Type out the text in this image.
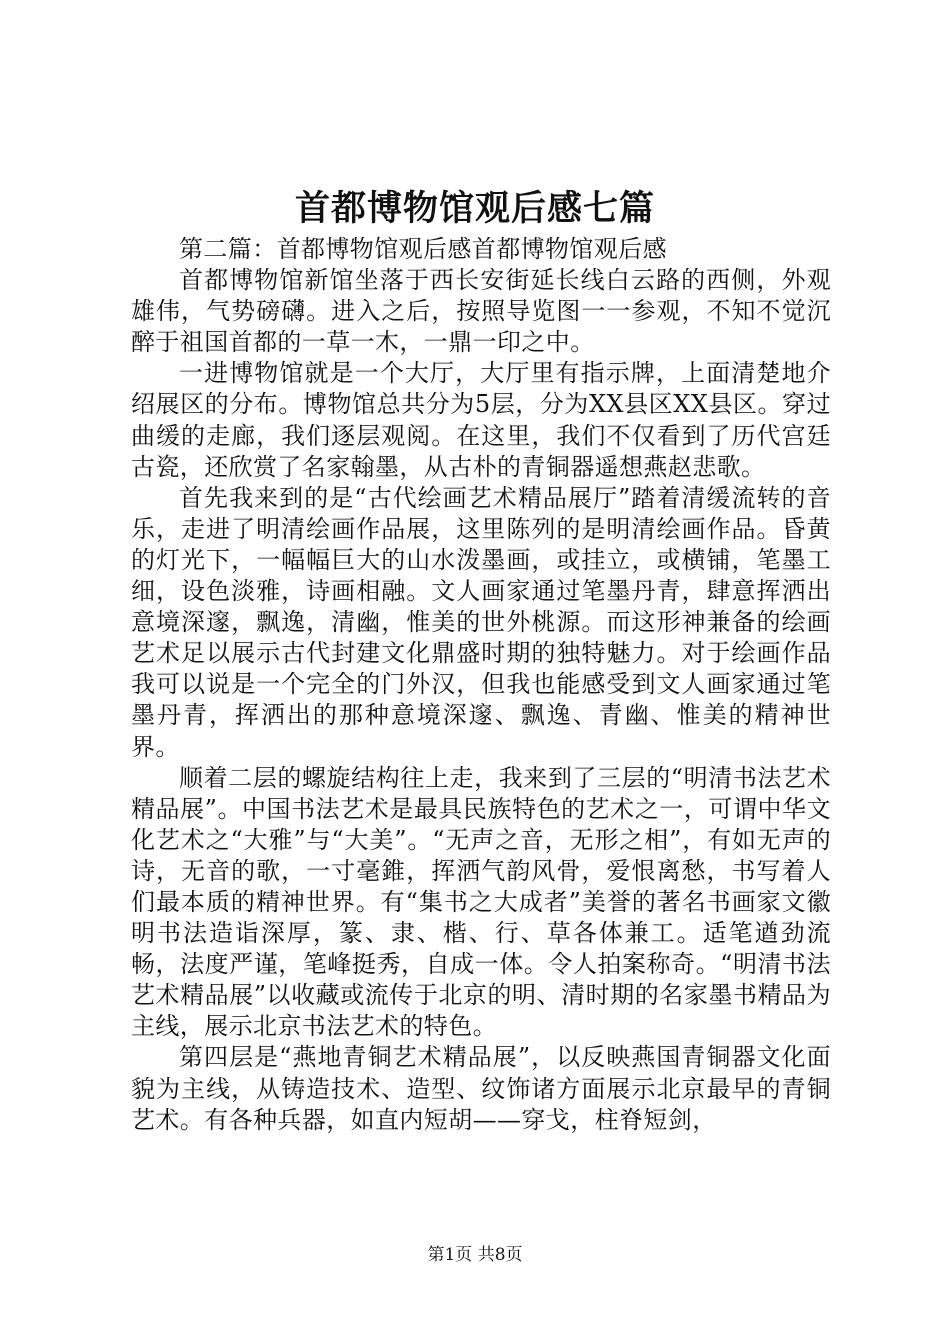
首都博物馆观后感七篇

第二篇：首都博物馆观后感首都博物馆观后感

首都博物馆新馆坐落于西长安街延长线白云路的西侧，外观雄伟，气势磅礴。进入之后，按照导览图一一参观，不知不觉沉醉于祖国首都的一草一木，一鼎一印之中。

一进博物馆就是一个大厅，大厅里有指示牌，上面清楚地介绍展区的分布。博物馆总共分为5层，分为XX县区XX县区。穿过曲缓的走廊，我们逐层观阅。在这里，我们不仅看到了历代宫廷古瓷，还欣赏了名家翰墨，从古朴的青铜器遥想燕赵悲歌。

首先我来到的是“古代绘画艺术精品展厅”踏着清缓流转的音乐，走进了明清绘画作品展，这里陈列的是明清绘画作品。昏黄的灯光下，一幅幅巨大的山水泼墨画，或挂立，或横铺，笔墨工细，设色淡雅，诗画相融。文人画家通过笔墨丹青，肆意挥洒出意境深邃，飘逸，清幽，惟美的世外桃源。而这形神兼备的绘画艺术足以展示古代封建文化鼎盛时期的独特魅力。对于绘画作品我可以说是一个完全的门外汉，但我也能感受到文人画家通过笔墨丹青，挥洒出的那种意境深邃、飘逸、青幽、惟美的精神世界。

顺着二层的螺旋结构往上走，我来到了三层的“明清书法艺术精品展”。中国书法艺术是最具民族特色的艺术之一，可谓中华文化艺术之“大雅”与“大美”。“无声之音，无形之相”，有如无声的诗，无音的歌，一寸毫錐，挥洒气韵风骨，爱恨离愁，书写着人们最本质的精神世界。有“集书之大成者”美誉的著名书画家文徽明书法造诣深厚，篆、隶、楷、行、草各体兼工。适笔遒劲流畅，法度严谨，笔峰挺秀，自成一体。令人拍案称奇。“明清书法艺术精品展”以收藏或流传于北京的明、清时期的名家墨书精品为主线，展示北京书法艺术的特色。

第四层是“燕地青铜艺术精品展”，以反映燕国青铜器文化面貌为主线，从铸造技术、造型、纹饰诸方面展示北京最早的青铜艺术。有各种兵器，如直内短胡——穿戈，柱脊短剑，

第1页 共8页
